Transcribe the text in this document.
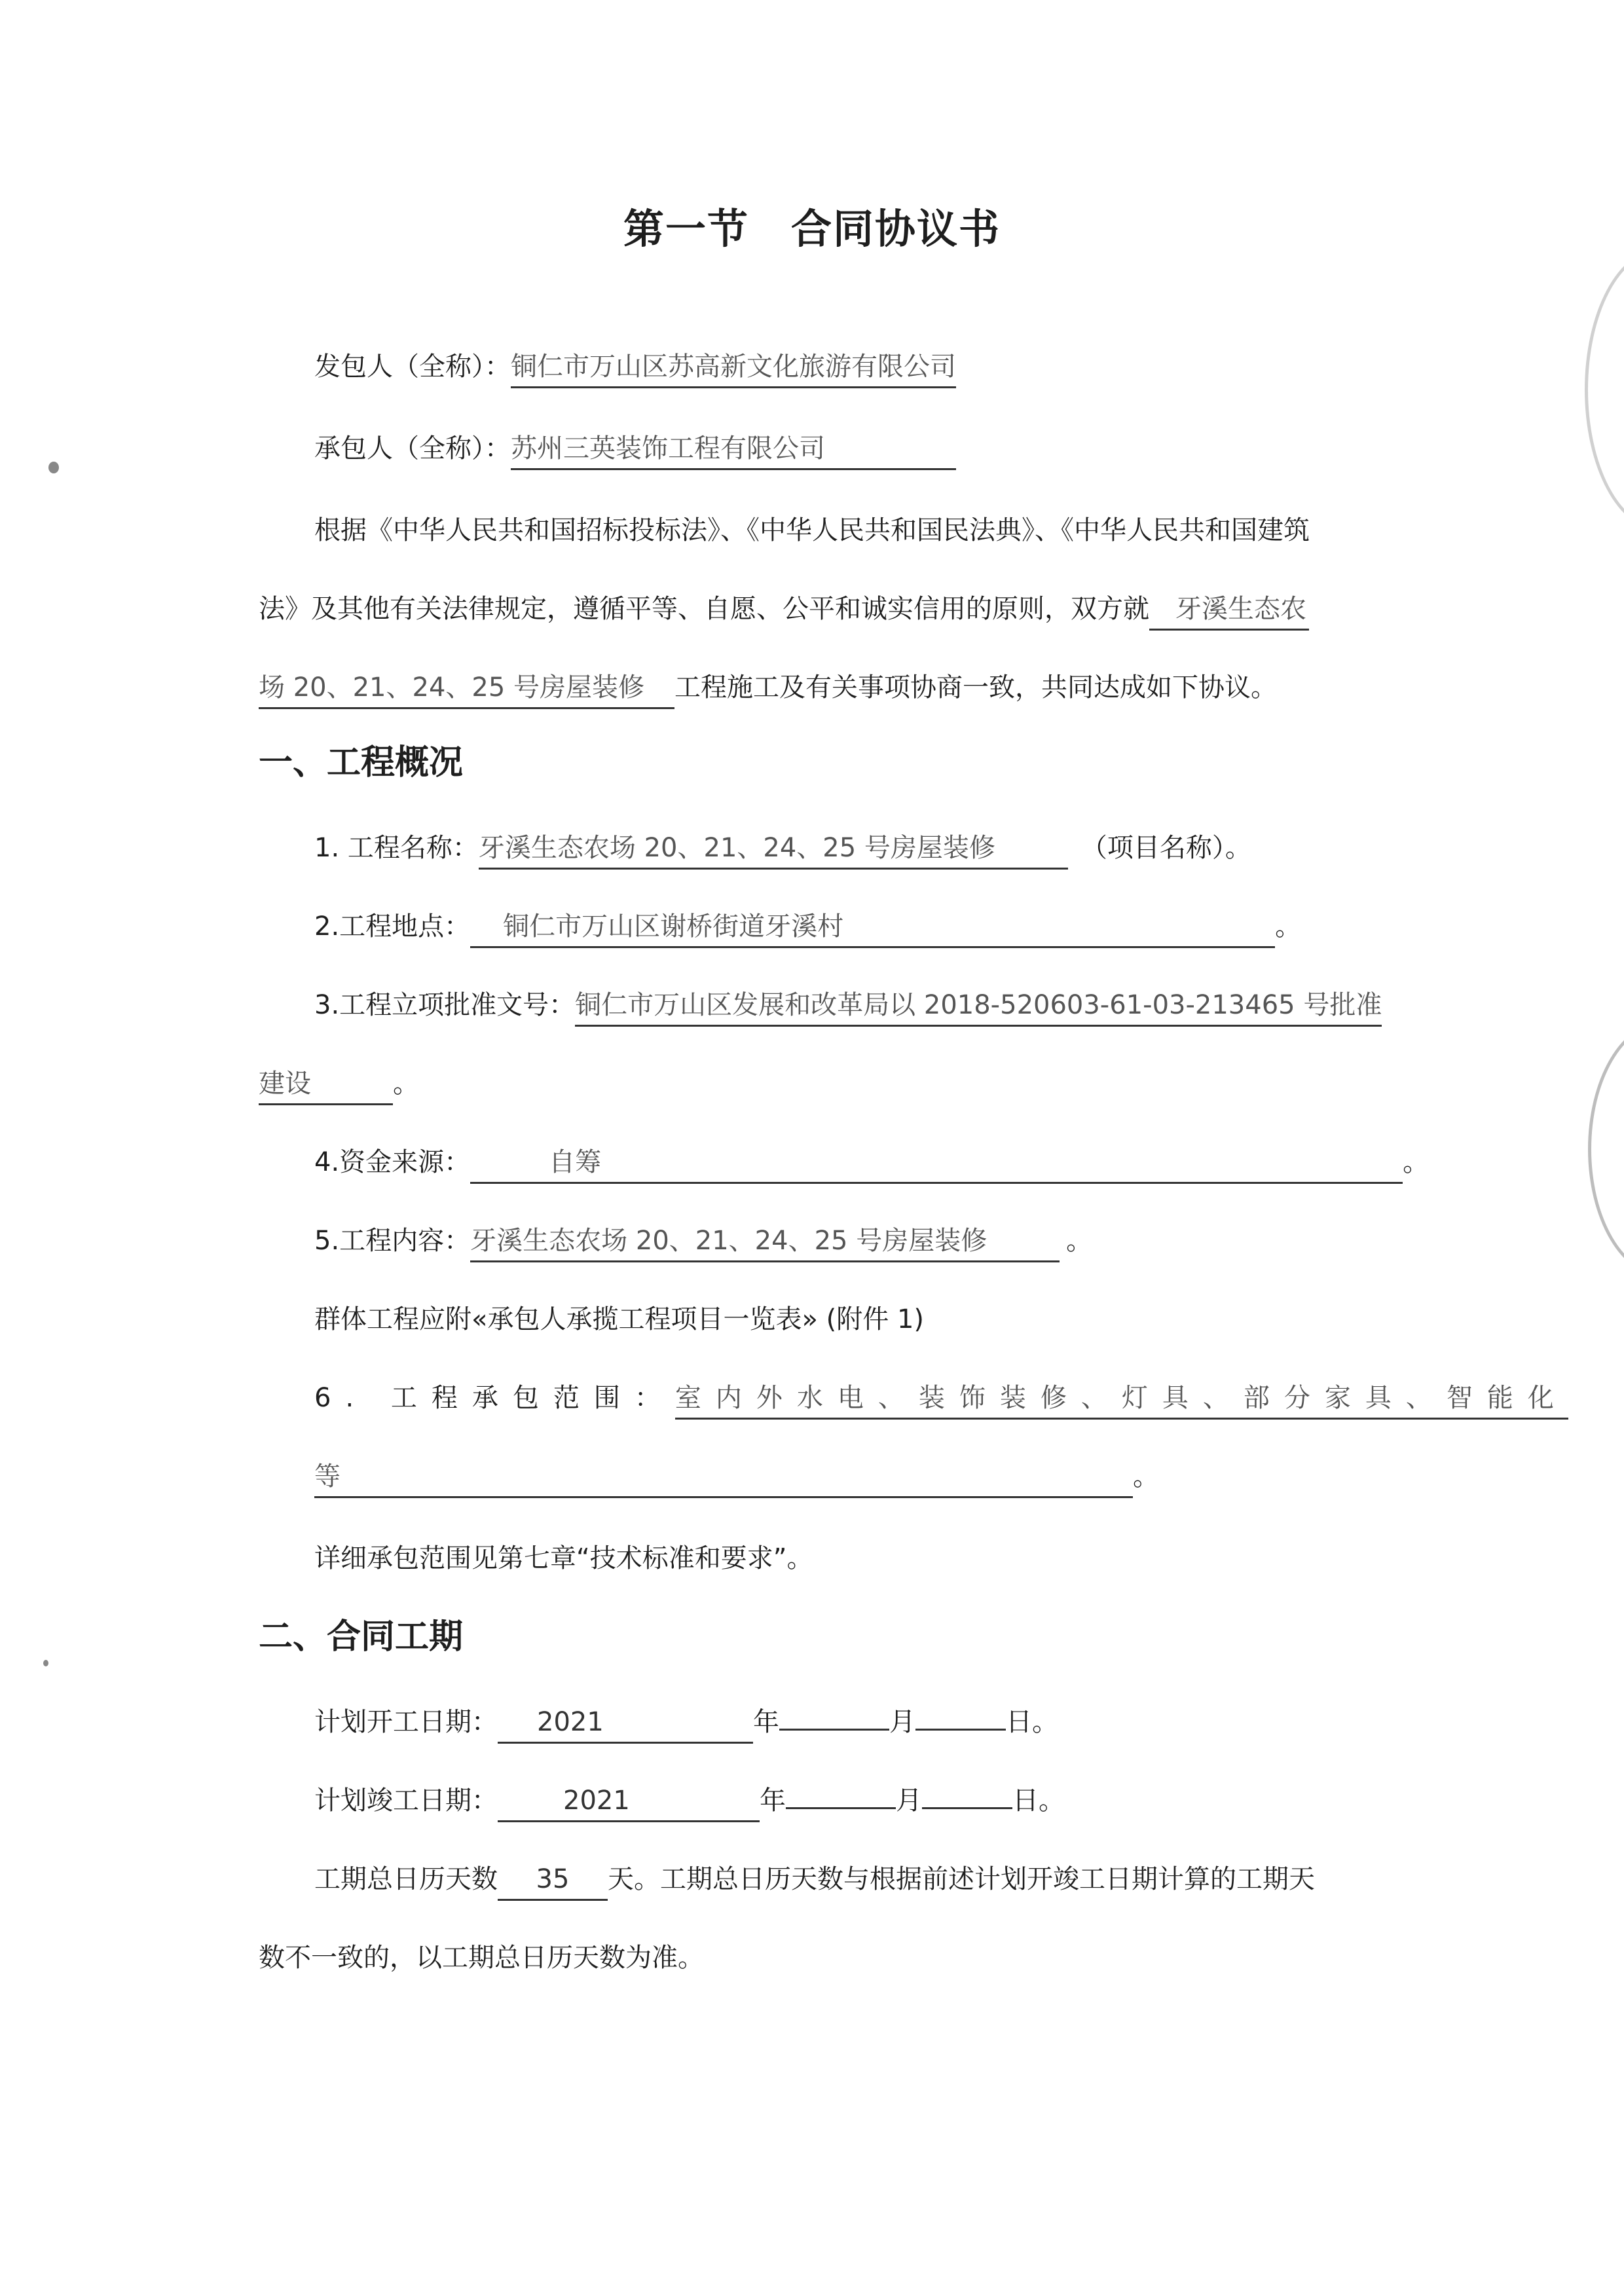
第一节　合同协议书
发包人（全称）：铜仁市万山区苏高新文化旅游有限公司
承包人（全称）：苏州三英装饰工程有限公司
根据《中华人民共和国招标投标法》、《中华人民共和国民法典》、《中华人民共和国建筑
法》及其他有关法律规定，遵循平等、自愿、公平和诚实信用的原则，双方就 牙溪生态农
场 20、21、24、25 号房屋装修 工程施工及有关事项协商一致，共同达成如下协议。
一、工程概况
1. 工程名称：牙溪生态农场 20、21、24、25 号房屋装修	（项目名称）。
2.工程地点： 铜仁市万山区谢桥街道牙溪村	。
3.工程立项批准文号：铜仁市万山区发展和改革局以 2018-520603-61-03-213465 号批准
建设	。
4.资金来源：	自筹	。
5.工程内容：牙溪生态农场 20、21、24、25 号房屋装修	。
群体工程应附«承包人承揽工程项目一览表» (附件 1)
6. 工程承包范围：室内外水电、装饰装修、灯具、部分家具、智能化
等	。
详细承包范围见第七章“技术标准和要求”。
二、合同工期
计划开工日期： 2021	年	月	日。
计划竣工日期：	2021	年	月	日。
工期总日历天数 35 天。工期总日历天数与根据前述计划开竣工日期计算的工期天
数不一致的，以工期总日历天数为准。
